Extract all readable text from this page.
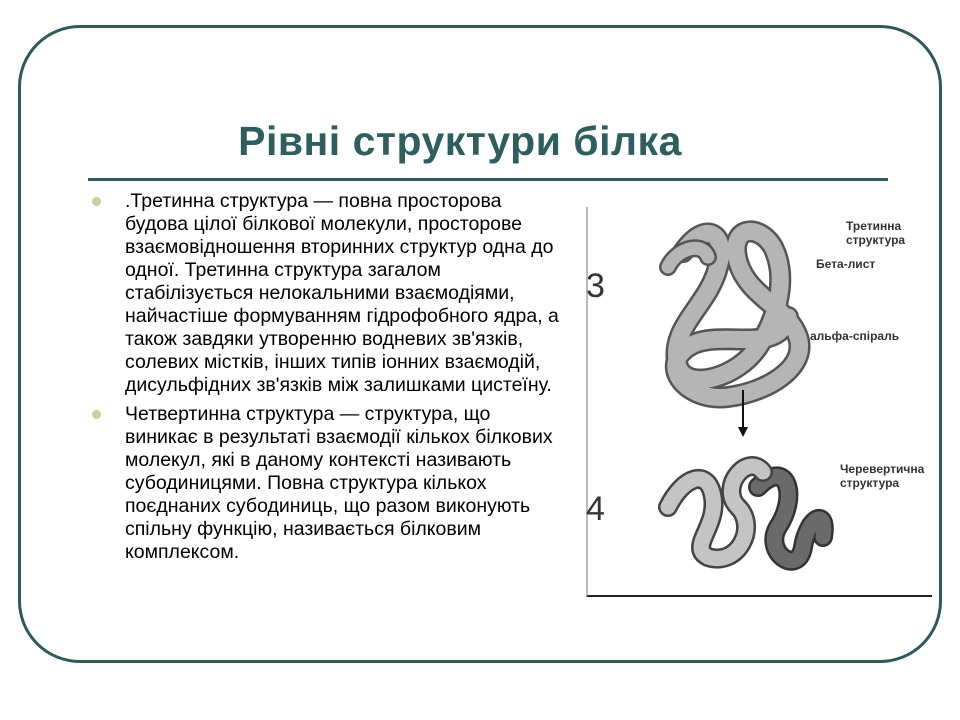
Рівні структури білка
.Третинна структура — повна просторова будова цілої білкової молекули, просторове взаємовідношення вторинних структур одна до одної. Третинна структура загалом стабілізується нелокальними взаємодіями, найчастіше формуванням гідрофобного ядра, а також завдяки утворенню водневих зв'язків, солевих містків, інших типів іонних взаємодій, дисульфідних зв'язків між залишками цистеїну.
Четвертинна структура — структура, що виникає в результаті взаємодії кількох білкових молекул, які в даному контексті називають субодиницями. Повна структура кількох поєднаних субодиниць, що разом виконують спільну функцію, називається білковим комплексом.
3
4
Третинна структура
Бета-лист
альфа-спіраль
Черевертична структура
